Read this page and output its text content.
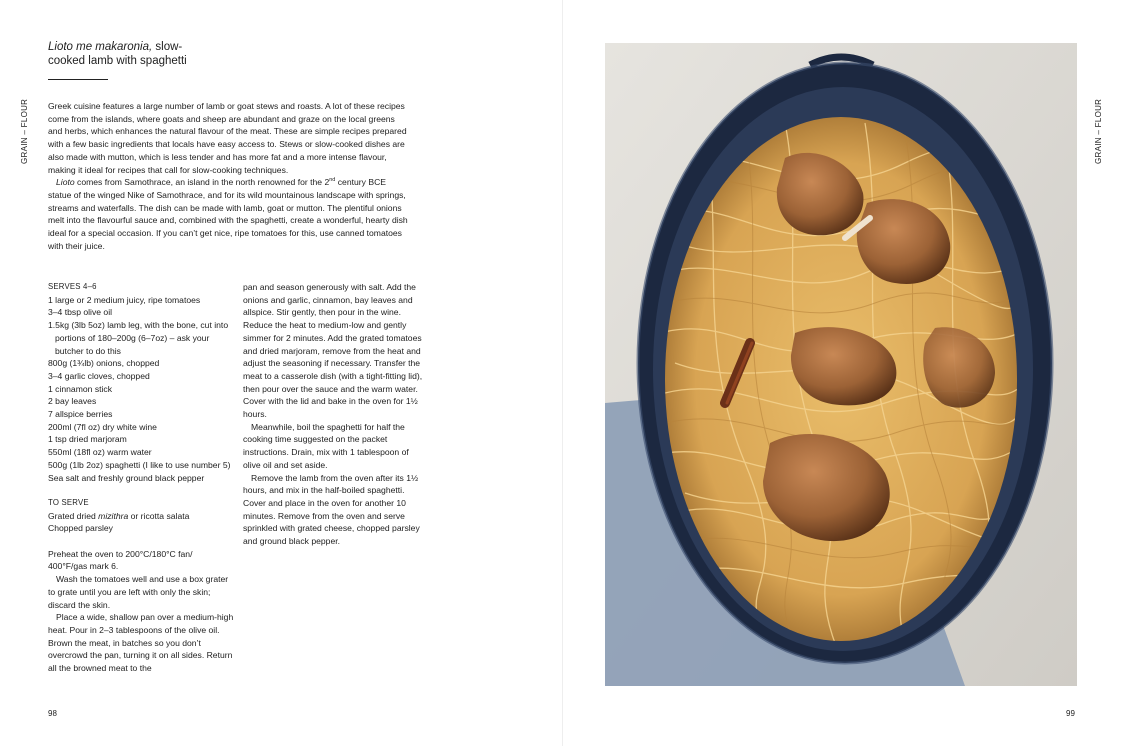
GRAIN – FLOUR
Lioto me makaronia, slow-
cooked lamb with spaghetti

Greek cuisine features a large number of lamb or goat stews and roasts. A lot of these recipes come from the islands, where goats and sheep are abundant and graze on the local greens and herbs, which enhances the natural flavour of the meat. These are simple recipes prepared with a few basic ingredients that locals have easy access to. Stews or slow-cooked dishes are also made with mutton, which is less tender and has more fat and a more intense flavour, making it ideal for recipes that call for slow-cooking techniques.

Lioto comes from Samothrace, an island in the north renowned for the 2nd century BCE statue of the winged Nike of Samothrace, and for its wild mountainous landscape with springs, streams and waterfalls. The dish can be made with lamb, goat or mutton. The plentiful onions melt into the flavourful sauce and, combined with the spaghetti, create a wonderful, hearty dish ideal for a special occasion. If you can’t get nice, ripe tomatoes for this, use canned tomatoes with their juice.

SERVES 4–6
1 large or 2 medium juicy, ripe tomatoes
3–4 tbsp olive oil
1.5kg (3lb 5oz) lamb leg, with the bone, cut into portions of 180–200g (6–7oz) – ask your butcher to do this
800g (1¾lb) onions, chopped
3–4 garlic cloves, chopped
1 cinnamon stick
2 bay leaves
7 allspice berries
200ml (7fl oz) dry white wine
1 tsp dried marjoram
550ml (18fl oz) warm water
500g (1lb 2oz) spaghetti (I like to use number 5)
Sea salt and freshly ground black pepper
TO SERVE
Grated dried mizithra or ricotta salata
Chopped parsley
Preheat the oven to 200°C/180°C fan/ 400°F/gas mark 6.
Wash the tomatoes well and use a box grater to grate until you are left with only the skin; discard the skin.
Place a wide, shallow pan over a medium-high heat. Pour in 2–3 tablespoons of the olive oil. Brown the meat, in batches so you don’t overcrowd the pan, turning it on all sides. Return all the browned meat to the
pan and season generously with salt. Add the onions and garlic, cinnamon, bay leaves and allspice. Stir gently, then pour in the wine. Reduce the heat to medium-low and gently simmer for 2 minutes. Add the grated tomatoes and dried marjoram, remove from the heat and adjust the seasoning if necessary. Transfer the meat to a casserole dish (with a tight-fitting lid), then pour over the sauce and the warm water. Cover with the lid and bake in the oven for 1½ hours.
Meanwhile, boil the spaghetti for half the cooking time suggested on the packet instructions. Drain, mix with 1 tablespoon of olive oil and set aside.
Remove the lamb from the oven after its 1½ hours, and mix in the half-boiled spaghetti. Cover and place in the oven for another 10 minutes. Remove from the oven and serve sprinkled with grated cheese, chopped parsley and ground black pepper.
98
GRAIN – FLOUR
99
